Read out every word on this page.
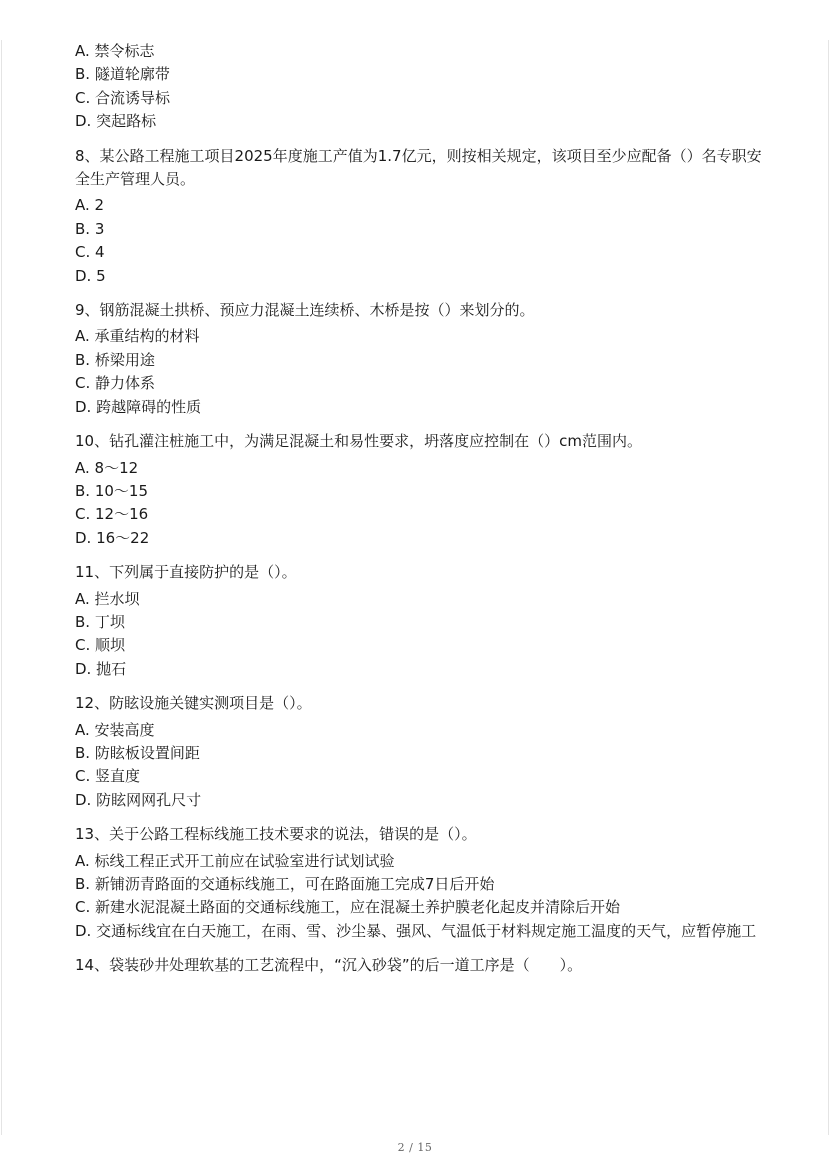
A. 禁令标志

B. 隧道轮廓带

C. 合流诱导标

D. 突起路标

8、某公路工程施工项目2025年度施工产值为1.7亿元，则按相关规定，该项目至少应配备（）名专职安全生产管理人员。

A. 2

B. 3

C. 4

D. 5

9、钢筋混凝土拱桥、预应力混凝土连续桥、木桥是按（）来划分的。

A. 承重结构的材料

B. 桥梁用途

C. 静力体系

D. 跨越障碍的性质

10、钻孔灌注桩施工中，为满足混凝土和易性要求，坍落度应控制在（）cm范围内。

A. 8～12

B. 10～15

C. 12～16

D. 16～22

11、下列属于直接防护的是（）。

A. 拦水坝

B. 丁坝

C. 顺坝

D. 抛石

12、防眩设施关键实测项目是（）。

A. 安装高度

B. 防眩板设置间距

C. 竖直度

D. 防眩网网孔尺寸

13、关于公路工程标线施工技术要求的说法，错误的是（）。

A. 标线工程正式开工前应在试验室进行试划试验

B. 新铺沥青路面的交通标线施工，可在路面施工完成7日后开始

C. 新建水泥混凝土路面的交通标线施工，应在混凝土养护膜老化起皮并清除后开始

D. 交通标线宜在白天施工，在雨、雪、沙尘暴、强风、气温低于材料规定施工温度的天气，应暂停施工

14、袋装砂井处理软基的工艺流程中，“沉入砂袋”的后一道工序是（　　）。

2 / 15
